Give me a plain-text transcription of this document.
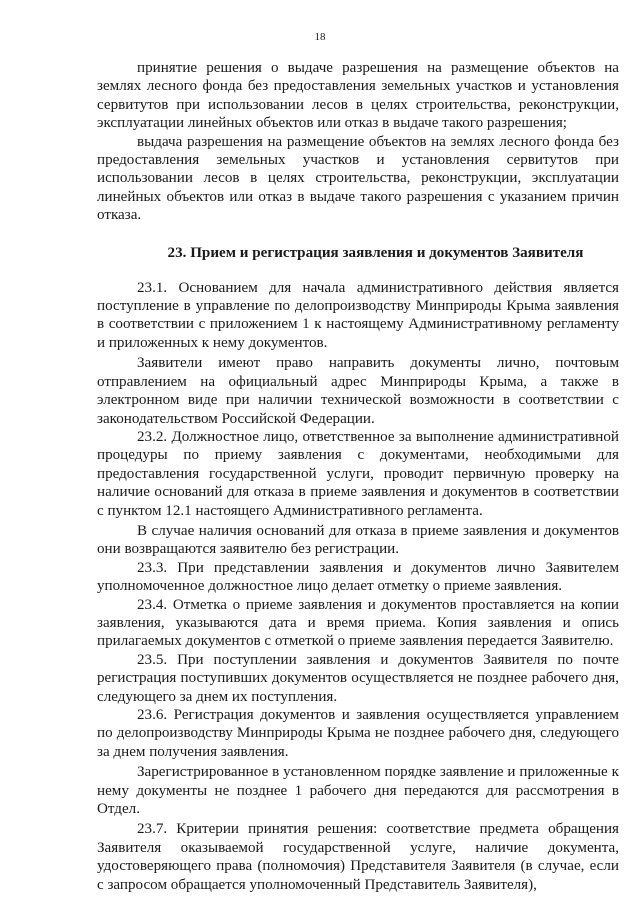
18

принятие решения о выдаче разрешения на размещение объектов на землях лесного фонда без предоставления земельных участков и установления сервитутов при использовании лесов в целях строительства, реконструкции, эксплуатации линейных объектов или отказ в выдаче такого разрешения;

выдача разрешения на размещение объектов на землях лесного фонда без предоставления земельных участков и установления сервитутов при использовании лесов в целях строительства, реконструкции, эксплуатации линейных объектов или отказ в выдаче такого разрешения с указанием причин отказа.

23. Прием и регистрация заявления и документов Заявителя

23.1. Основанием для начала административного действия является поступление в управление по делопроизводству Минприроды Крыма заявления в соответствии с приложением 1 к настоящему Административному регламенту и приложенных к нему документов.

Заявители имеют право направить документы лично, почтовым отправлением на официальный адрес Минприроды Крыма, а также в электронном виде при наличии технической возможности в соответствии с законодательством Российской Федерации.

23.2. Должностное лицо, ответственное за выполнение административной процедуры по приему заявления с документами, необходимыми для предоставления государственной услуги, проводит первичную проверку на наличие оснований для отказа в приеме заявления и документов в соответствии с пунктом 12.1 настоящего Административного регламента.

В случае наличия оснований для отказа в приеме заявления и документов они возвращаются заявителю без регистрации.

23.3. При представлении заявления и документов лично Заявителем уполномоченное должностное лицо делает отметку о приеме заявления.

23.4. Отметка о приеме заявления и документов проставляется на копии заявления, указываются дата и время приема. Копия заявления и опись прилагаемых документов с отметкой о приеме заявления передается Заявителю.

23.5. При поступлении заявления и документов Заявителя по почте регистрация поступивших документов осуществляется не позднее рабочего дня, следующего за днем их поступления.

23.6. Регистрация документов и заявления осуществляется управлением по делопроизводству Минприроды Крыма не позднее рабочего дня, следующего за днем получения заявления.

Зарегистрированное в установленном порядке заявление и приложенные к нему документы не позднее 1 рабочего дня передаются для рассмотрения в Отдел.

23.7. Критерии принятия решения: соответствие предмета обращения Заявителя оказываемой государственной услуге, наличие документа, удостоверяющего права (полномочия) Представителя Заявителя (в случае, если с запросом обращается уполномоченный Представитель Заявителя),
